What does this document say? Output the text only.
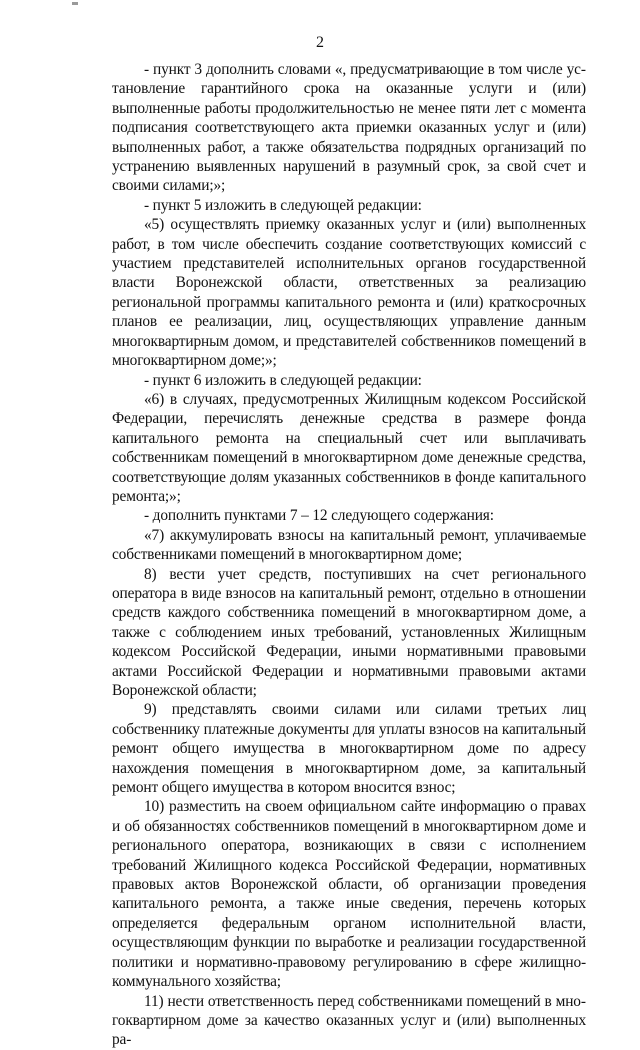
2

- пункт 3 дополнить словами «, предусматривающие в том числе установление гарантийного срока на оказанные услуги и (или) выполненные работы продолжительностью не менее пяти лет с момента подписания соответствующего акта приемки оказанных услуг и (или) выполненных работ, а также обязательства подрядных организаций по устранению выявленных нарушений в разумный срок, за свой счет и своими силами;»;

- пункт 5 изложить в следующей редакции:

«5) осуществлять приемку оказанных услуг и (или) выполненных работ, в том числе обеспечить создание соответствующих комиссий с участием представителей исполнительных органов государственной власти Воронежской области, ответственных за реализацию региональной программы капитального ремонта и (или) краткосрочных планов ее реализации, лиц, осуществляющих управление данным многоквартирным домом, и представителей собственников помещений в многоквартирном доме;»;

- пункт 6 изложить в следующей редакции:

«6) в случаях, предусмотренных Жилищным кодексом Российской Федерации, перечислять денежные средства в размере фонда капитального ремонта на специальный счет или выплачивать собственникам помещений в многоквартирном доме денежные средства, соответствующие долям указанных собственников в фонде капитального ремонта;»;

- дополнить пунктами 7 – 12 следующего содержания:

«7) аккумулировать взносы на капитальный ремонт, уплачиваемые собственниками помещений в многоквартирном доме;

8) вести учет средств, поступивших на счет регионального оператора в виде взносов на капитальный ремонт, отдельно в отношении средств каждого собственника помещений в многоквартирном доме, а также с соблюдением иных требований, установленных Жилищным кодексом Российской Федерации, иными нормативными правовыми актами Российской Федерации и нормативными правовыми актами Воронежской области;

9) представлять своими силами или силами третьих лиц собственнику платежные документы для уплаты взносов на капитальный ремонт общего имущества в многоквартирном доме по адресу нахождения помещения в многоквартирном доме, за капитальный ремонт общего имущества в котором вносится взнос;

10) разместить на своем официальном сайте информацию о правах и об обязанностях собственников помещений в многоквартирном доме и регионального оператора, возникающих в связи с исполнением требований Жилищного кодекса Российской Федерации, нормативных правовых актов Воронежской области, об организации проведения капитального ремонта, а также иные сведения, перечень которых определяется федеральным органом исполнительной власти, осуществляющим функции по выработке и реализации государственной политики и нормативно-правовому регулированию в сфере жилищно-коммунального хозяйства;

11) нести ответственность перед собственниками помещений в многоквартирном доме за качество оказанных услуг и (или) выполненных ра-
